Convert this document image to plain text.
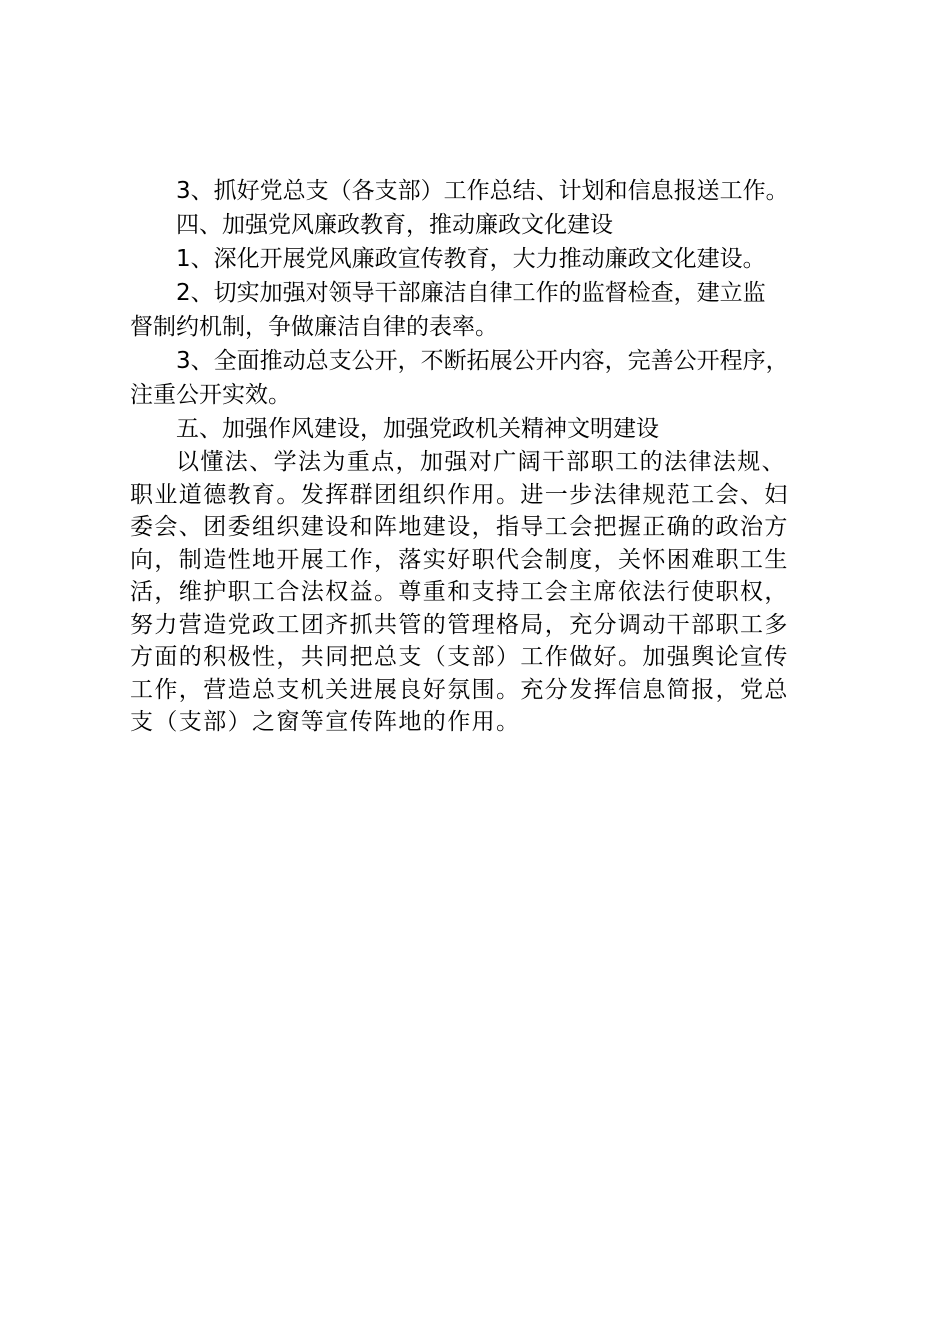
3、抓好党总支（各支部）工作总结、计划和信息报送工作。

四、加强党风廉政教育，推动廉政文化建设

1、深化开展党风廉政宣传教育，大力推动廉政文化建设。

2、切实加强对领导干部廉洁自律工作的监督检查，建立监

督制约机制，争做廉洁自律的表率。

3、全面推动总支公开，不断拓展公开内容，完善公开程序，

注重公开实效。

五、加强作风建设，加强党政机关精神文明建设

以懂法、学法为重点，加强对广阔干部职工的法律法规、

职业道德教育。发挥群团组织作用。进一步法律规范工会、妇

委会、团委组织建设和阵地建设，指导工会把握正确的政治方

向，制造性地开展工作，落实好职代会制度，关怀困难职工生

活，维护职工合法权益。尊重和支持工会主席依法行使职权，

努力营造党政工团齐抓共管的管理格局，充分调动干部职工多

方面的积极性，共同把总支（支部）工作做好。加强舆论宣传

工作，营造总支机关进展良好氛围。充分发挥信息简报，党总

支（支部）之窗等宣传阵地的作用。
